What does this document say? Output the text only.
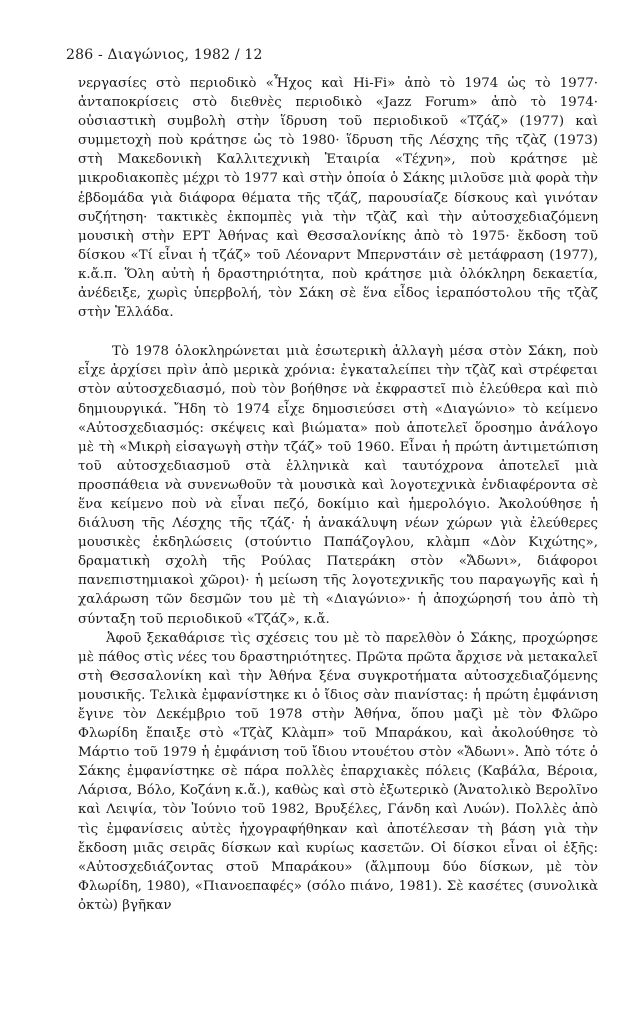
286 - Διαγώνιος, 1982 / 12

νεργασίες στὸ περιοδικὸ «Ἦχος καὶ Hi-Fi» ἀπὸ τὸ 1974 ὡς τὸ 1977· ἀνταποκρίσεις στὸ διεθνὲς περιοδικὸ «Jazz Forum» ἀπὸ τὸ 1974· οὐσιαστικὴ συμβολὴ στὴν ἵδρυση τοῦ περιοδικοῦ «Τζάζ» (1977) καὶ συμμετοχὴ ποὺ κράτησε ὡς τὸ 1980· ἵδρυση τῆς Λέσχης τῆς τζὰζ (1973) στὴ Μακεδονικὴ Καλλιτεχνικὴ Ἑταιρία «Τέχνη», ποὺ κράτησε μὲ μικροδιακοπὲς μέχρι τὸ 1977 καὶ στὴν ὁποία ὁ Σάκης μιλοῦσε μιὰ φορὰ τὴν ἑβδομάδα γιὰ διάφορα θέματα τῆς τζάζ, παρουσίαζε δίσκους καὶ γινόταν συζήτηση· τακτικὲς ἐκπομπὲς γιὰ τὴν τζὰζ καὶ τὴν αὐτοσχεδιαζόμενη μουσικὴ στὴν ΕΡΤ Ἀθήνας καὶ Θεσσαλονίκης ἀπὸ τὸ 1975· ἔκδοση τοῦ δίσκου «Τί εἶναι ἡ τζάζ» τοῦ Λέοναρντ Μπερνστάιν σὲ μετάφραση (1977), κ.ἄ.π. Ὅλη αὐτὴ ἡ δραστηριότητα, ποὺ κράτησε μιὰ ὁλόκληρη δεκαετία, ἀνέδειξε, χωρὶς ὑπερβολή, τὸν Σάκη σὲ ἕνα εἶδος ἱεραπόστολου τῆς τζὰζ στὴν Ἑλλάδα.

Τὸ 1978 ὁλοκληρώνεται μιὰ ἐσωτερικὴ ἀλλαγὴ μέσα στὸν Σάκη, ποὺ εἶχε ἀρχίσει πρὶν ἀπὸ μερικὰ χρόνια: ἐγκαταλείπει τὴν τζὰζ καὶ στρέφεται στὸν αὐτοσχεδιασμό, ποὺ τὸν βοήθησε νὰ ἐκφραστεῖ πιὸ ἐλεύθερα καὶ πιὸ δημιουργικά. Ἤδη τὸ 1974 εἶχε δημοσιεύσει στὴ «Διαγώνιο» τὸ κείμενο «Αὐτοσχεδιασμός: σκέψεις καὶ βιώματα» ποὺ ἀποτελεῖ ὅροσημο ἀνάλογο μὲ τὴ «Μικρὴ εἰσαγωγὴ στὴν τζάζ» τοῦ 1960. Εἶναι ἡ πρώτη ἀντιμετώπιση τοῦ αὐτοσχεδιασμοῦ στὰ ἑλληνικὰ καὶ ταυτόχρονα ἀποτελεῖ μιὰ προσπάθεια νὰ συνενωθοῦν τὰ μουσικὰ καὶ λογοτεχνικὰ ἐνδιαφέροντα σὲ ἕνα κείμενο ποὺ νὰ εἶναι πεζό, δοκίμιο καὶ ἡμερολόγιο. Ἀκολούθησε ἡ διάλυση τῆς Λέσχης τῆς τζάζ· ἡ ἀνακάλυψη νέων χώρων γιὰ ἐλεύθερες μουσικὲς ἐκδηλώσεις (στούντιο Παπάζογλου, κλὰμπ «Δὸν Κιχώτης», δραματικὴ σχολὴ τῆς Ρούλας Πατεράκη στὸν «Ἄδωνι», διάφοροι πανεπιστημιακοὶ χῶροι)· ἡ μείωση τῆς λογοτεχνικῆς του παραγωγῆς καὶ ἡ χαλάρωση τῶν δεσμῶν του μὲ τὴ «Διαγώνιο»· ἡ ἀποχώρησή του ἀπὸ τὴ σύνταξη τοῦ περιοδικοῦ «Τζάζ», κ.ἄ.

Ἀφοῦ ξεκαθάρισε τὶς σχέσεις του μὲ τὸ παρελθὸν ὁ Σάκης, προχώρησε μὲ πάθος στὶς νέες του δραστηριότητες. Πρῶτα πρῶτα ἄρχισε νὰ μετακαλεῖ στὴ Θεσσαλονίκη καὶ τὴν Ἀθήνα ξένα συγκροτήματα αὐτοσχεδιαζόμενης μουσικῆς. Τελικὰ ἐμφανίστηκε κι ὁ ἴδιος σὰν πιανίστας: ἡ πρώτη ἐμφάνιση ἔγινε τὸν Δεκέμβριο τοῦ 1978 στὴν Ἀθήνα, ὅπου μαζὶ μὲ τὸν Φλῶρο Φλωρίδη ἔπαιξε στὸ «Τζὰζ Κλὰμπ» τοῦ Μπαράκου, καὶ ἀκολούθησε τὸ Μάρτιο τοῦ 1979 ἡ ἐμφάνιση τοῦ ἴδιου ντουέτου στὸν «Ἄδωνι». Ἀπὸ τότε ὁ Σάκης ἐμφανίστηκε σὲ πάρα πολλὲς ἐπαρχιακὲς πόλεις (Καβάλα, Βέροια, Λάρισα, Βόλο, Κοζάνη κ.ἄ.), καθὼς καὶ στὸ ἐξωτερικὸ (Ἀνατολικὸ Βερολῖνο καὶ Λειψία, τὸν Ἰούνιο τοῦ 1982, Βρυξέλες, Γάνδη καὶ Λυών). Πολλὲς ἀπὸ τὶς ἐμφανίσεις αὐτὲς ἠχογραφήθηκαν καὶ ἀποτέλεσαν τὴ βάση γιὰ τὴν ἔκδοση μιᾶς σειρᾶς δίσκων καὶ κυρίως κασετῶν. Οἱ δίσκοι εἶναι οἱ ἑξῆς: «Αὐτοσχεδιάζοντας στοῦ Μπαράκου» (ἄλμπουμ δύο δίσκων, μὲ τὸν Φλωρίδη, 1980), «Πιανοεπαφές» (σόλο πιάνο, 1981). Σὲ κασέτες (συνολικὰ ὀκτὼ) βγῆκαν
